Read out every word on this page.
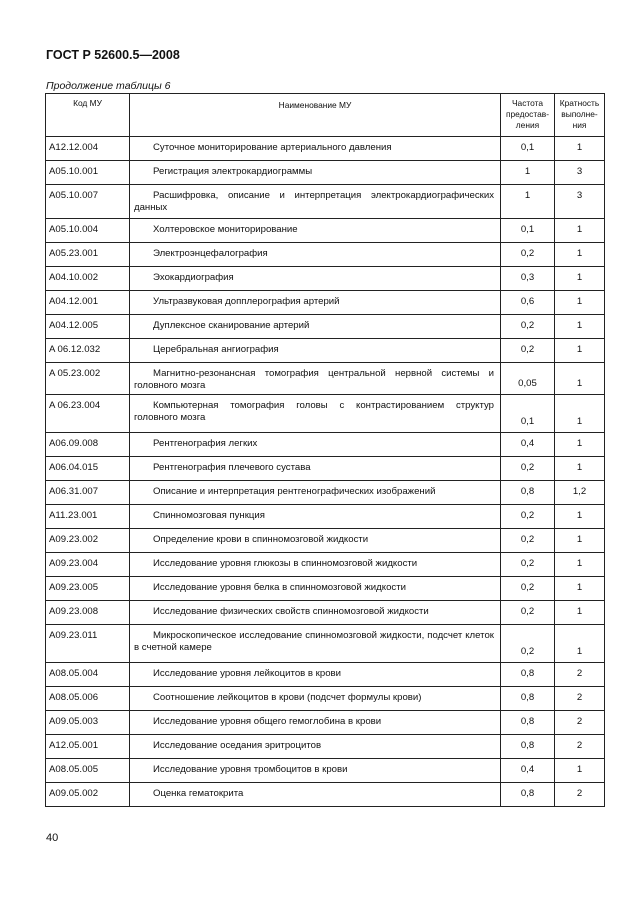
ГОСТ Р 52600.5—2008
Продолжение таблицы 6
Код МУ	Наименование МУ	Частота предостав-ления	Кратность выполне-ния
A12.12.004	Суточное мониторирование артериального давления	0,1	1
A05.10.001	Регистрация электрокардиограммы	1	3
A05.10.007	Расшифровка, описание и интерпретация электрокардиографических данных	1	3
A05.10.004	Холтеровское мониторирование	0,1	1
A05.23.001	Электроэнцефалография	0,2	1
A04.10.002	Эхокардиография	0,3	1
A04.12.001	Ультразвуковая допплерография артерий	0,6	1
A04.12.005	Дуплексное сканирование артерий	0,2	1
A 06.12.032	Церебральная ангиография	0,2	1
A 05.23.002	Магнитно-резонансная томография центральной нервной системы и головного мозга	0,05	1
A 06.23.004	Компьютерная томография головы с контрастированием структур головного мозга	0,1	1
A06.09.008	Рентгенография легких	0,4	1
A06.04.015	Рентгенография плечевого сустава	0,2	1
A06.31.007	Описание и интерпретация рентгенографических изображений	0,8	1,2
A11.23.001	Спинномозговая пункция	0,2	1
A09.23.002	Определение крови в спинномозговой жидкости	0,2	1
A09.23.004	Исследование уровня глюкозы в спинномозговой жидкости	0,2	1
A09.23.005	Исследование уровня белка в спинномозговой жидкости	0,2	1
A09.23.008	Исследование физических свойств спинномозговой жидкости	0,2	1
A09.23.011	Микроскопическое исследование спинномозговой жидкости, подсчет клеток в счетной камере	0,2	1
A08.05.004	Исследование уровня лейкоцитов в крови	0,8	2
A08.05.006	Соотношение лейкоцитов в крови (подсчет формулы крови)	0,8	2
A09.05.003	Исследование уровня общего гемоглобина в крови	0,8	2
A12.05.001	Исследование оседания эритроцитов	0,8	2
A08.05.005	Исследование уровня тромбоцитов в крови	0,4	1
A09.05.002	Оценка гематокрита	0,8	2
40
